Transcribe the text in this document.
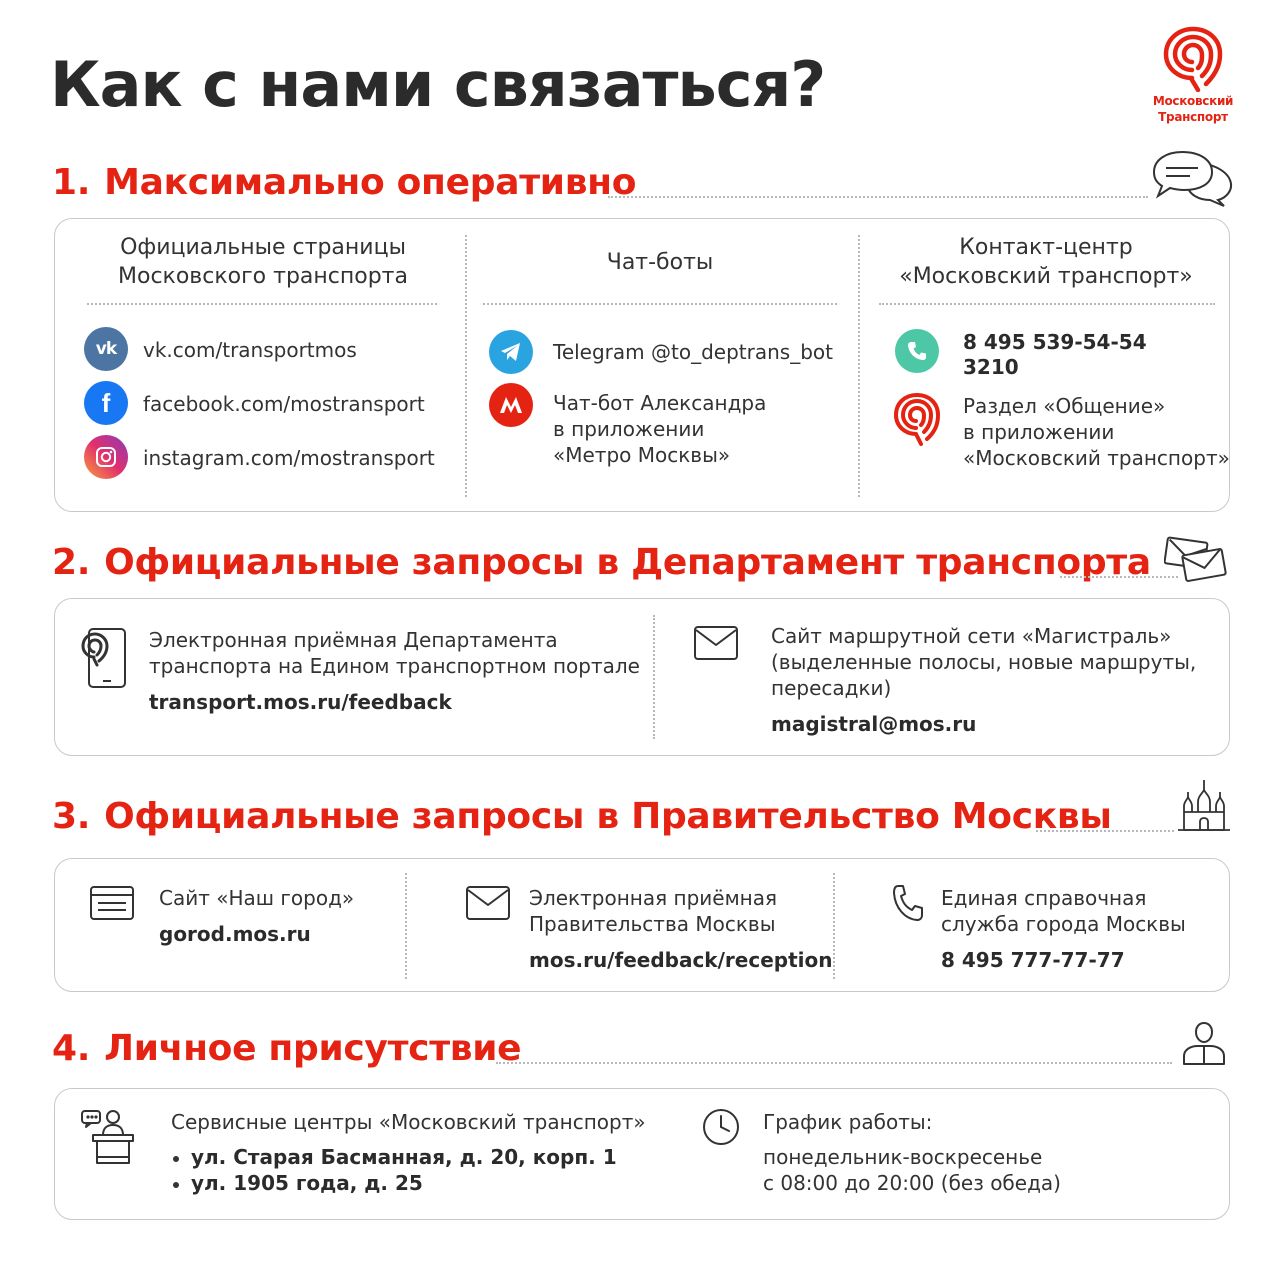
Как с нами связаться?	Московский
Транспорт
1. Максимально оперативно
Официальные страницы
Московского транспорта
vk vk.com/transportmos
f facebook.com/mostransport
instagram.com/mostransport
Чат-боты
Telegram @to_deptrans_bot
Чат-бот Александра
в приложении
«Метро Москвы»
Контакт-центр
«Московский транспорт»
8 495 539-54-54
3210
Раздел «Общение»
в приложении
«Московский транспорт»
2. Официальные запросы в Департамент транспорта
Электронная приёмная Департамента
транспорта на Едином транспортном портале
transport.mos.ru/feedback
Сайт маршрутной сети «Магистраль»
(выделенные полосы, новые маршруты,
пересадки)
magistral@mos.ru
3. Официальные запросы в Правительство Москвы
Сайт «Наш город»
gorod.mos.ru
Электронная приёмная
Правительства Москвы
mos.ru/feedback/reception
Единая справочная
служба города Москвы
8 495 777-77-77
4. Личное присутствие
Сервисные центры «Московский транспорт»
ул. Старая Басманная, д. 20, корп. 1
ул. 1905 года, д. 25
График работы:
понедельник-воскресенье
с 08:00 до 20:00 (без обеда)
